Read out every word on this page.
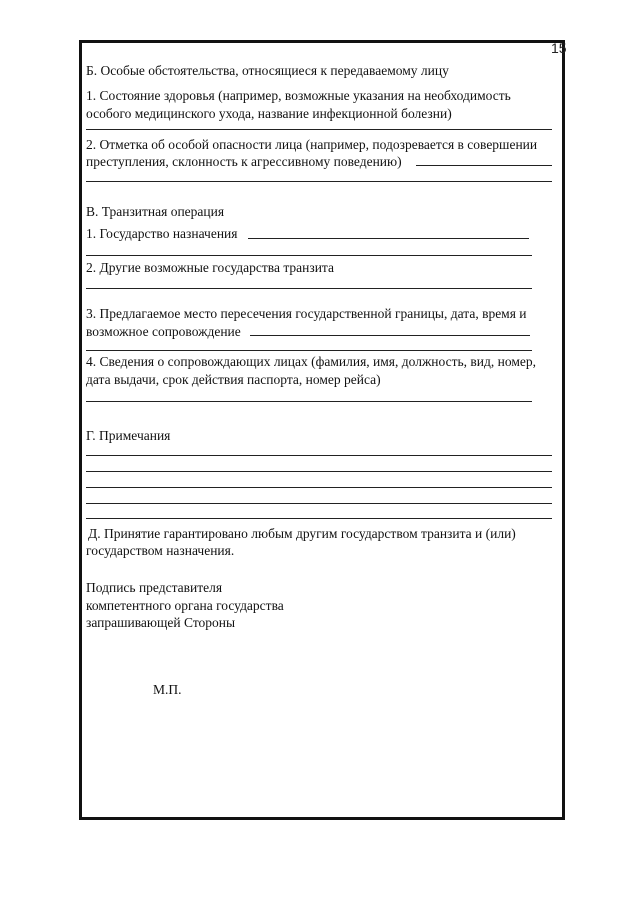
15
Б. Особые обстоятельства, относящиеся к передаваемому лицу
1. Состояние здоровья (например, возможные указания на необходимость
особого медицинского ухода, название инфекционной болезни)
2. Отметка об особой опасности лица (например, подозревается в совершении
преступления, склонность к агрессивному поведению)
В. Транзитная операция
1. Государство назначения
2. Другие возможные государства транзита
3. Предлагаемое место пересечения государственной границы, дата, время и
возможное сопровождение
4. Сведения о сопровождающих лицах (фамилия, имя, должность, вид, номер,
дата выдачи, срок действия паспорта, номер рейса)
Г. Примечания
Д. Принятие гарантировано любым другим государством транзита и (или)
государством назначения.
Подпись представителя
компетентного органа государства
запрашивающей Стороны
М.П.
